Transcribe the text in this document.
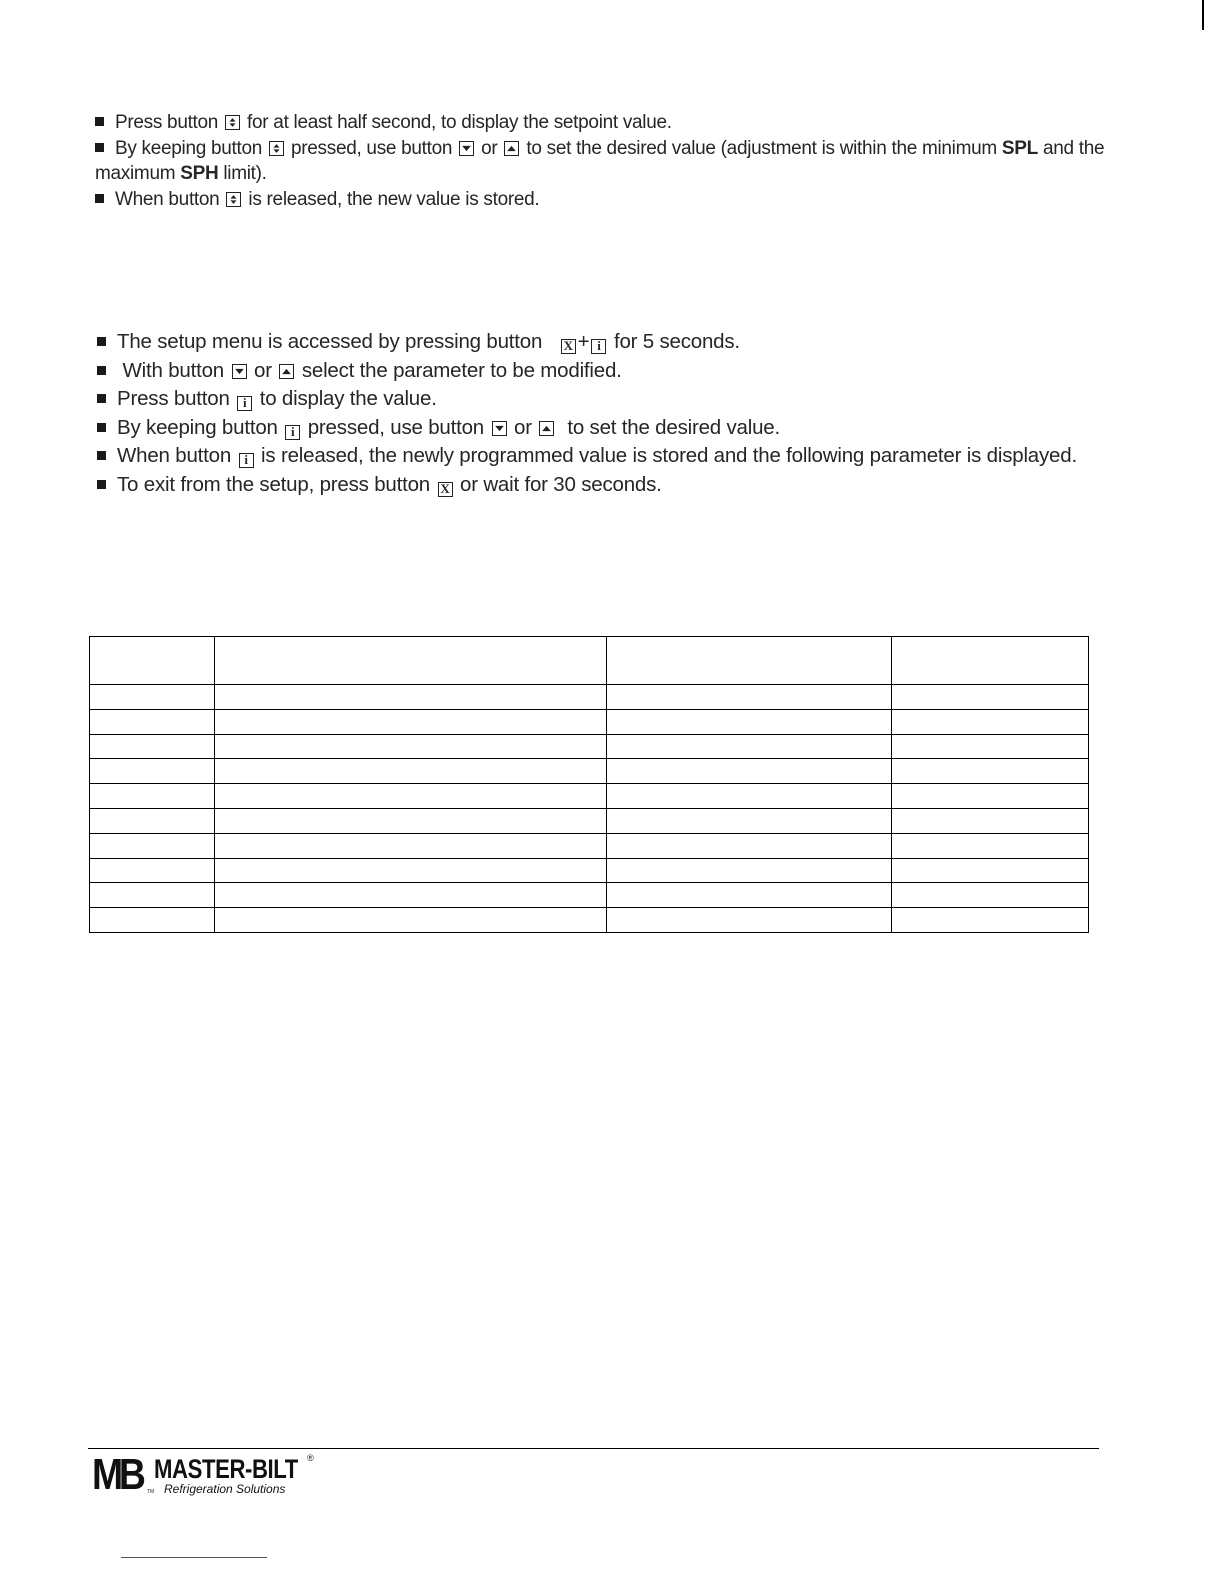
Press button for at least half second, to display the setpoint value.
By keeping button pressed, use button or to set the desired value (adjustment is within the minimum SPL and the maximum SPH limit).
When button is released, the new value is stored.
The setup menu is accessed by pressing button X + i for 5 seconds.
With button or select the parameter to be modified.
Press button i to display the value.
By keeping button i pressed, use button or to set the desired value.
When button i is released, the newly programmed value is stored and the following parameter is displayed.
To exit from the setup, press button X or wait for 30 seconds.

MB TM
MASTER-BILT ®
Refrigeration Solutions
